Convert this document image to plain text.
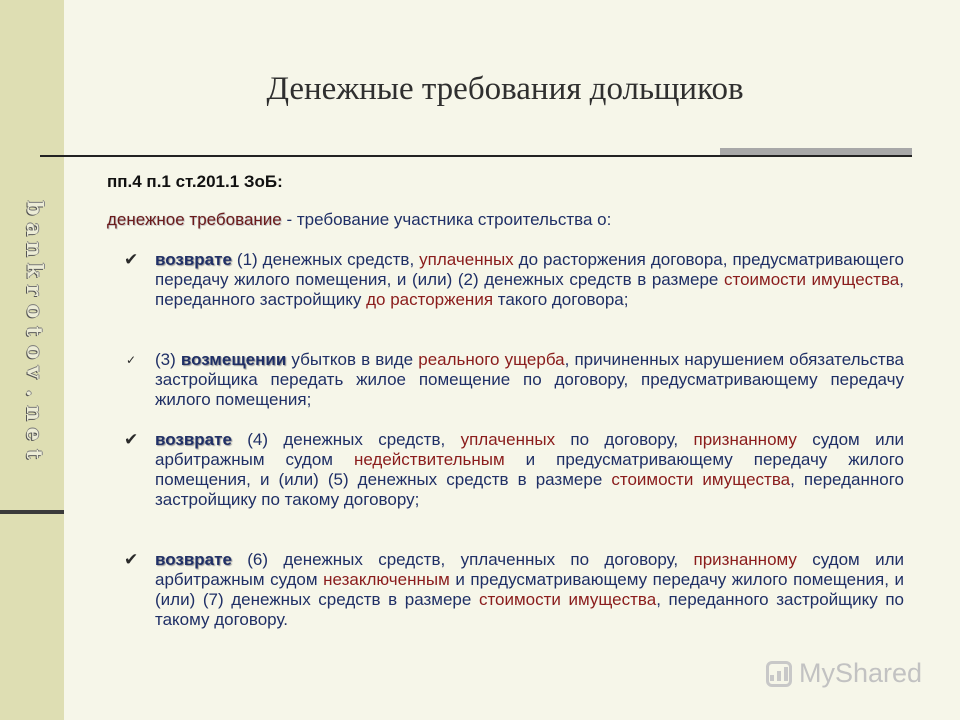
b
a
n
k
r
o
t
o
v
.
n
e
t
Денежные требования дольщиков
пп.4 п.1 ст.201.1 ЗоБ:
денежное требование - требование участника строительства о:
✔ возврате (1) денежных средств, уплаченных до расторжения договора, предусматривающего передачу жилого помещения, и (или) (2) денежных средств в размере стоимости имущества, переданного застройщику до расторжения такого договора;
✓ (3) возмещении убытков в виде реального ущерба, причиненных нарушением обязательства застройщика передать жилое помещение по договору, предусматривающему передачу жилого помещения;
✔ возврате (4) денежных средств, уплаченных по договору, признанному судом или арбитражным судом недействительным и предусматривающему передачу жилого помещения, и (или) (5) денежных средств в размере стоимости имущества, переданного застройщику по такому договору;
✔ возврате (6) денежных средств, уплаченных по договору, признанному судом или арбитражным судом незаключенным и предусматривающему передачу жилого помещения, и (или) (7) денежных средств в размере стоимости имущества, переданного застройщику по такому договору.
MyShared
